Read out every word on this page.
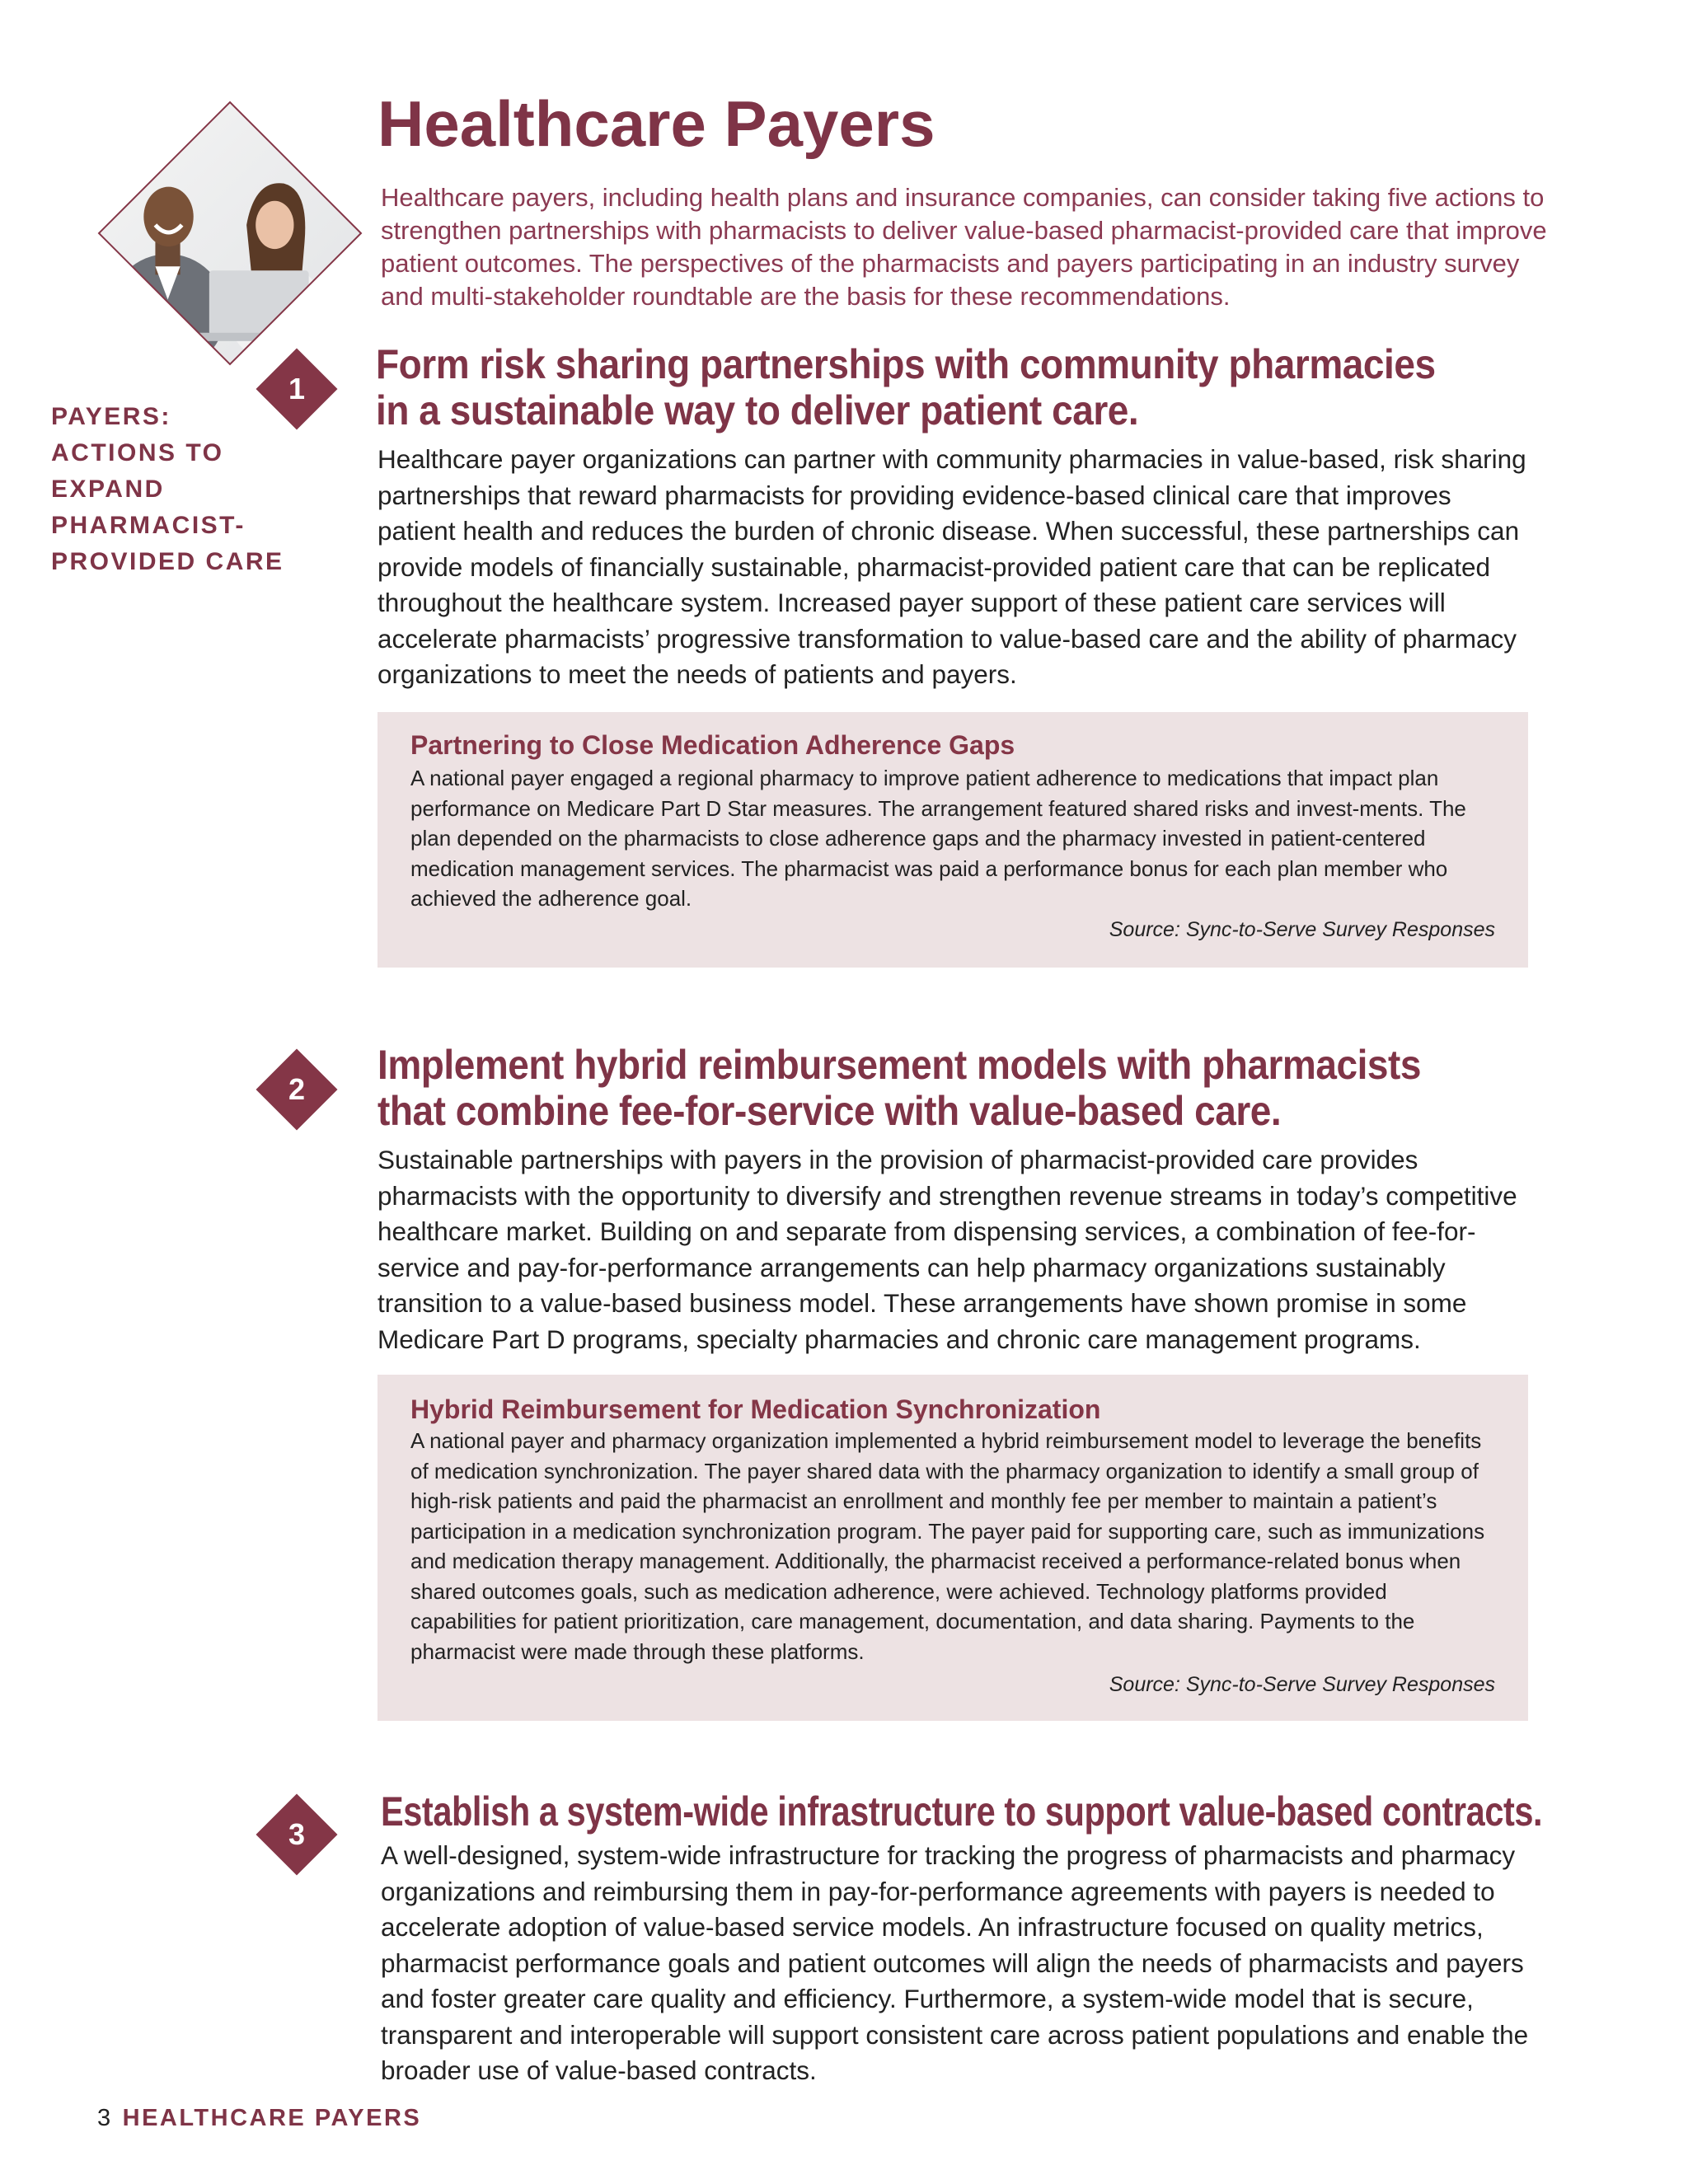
Healthcare Payers
Healthcare payers, including health plans and insurance companies, can consider taking five actions to strengthen partnerships with pharmacists to deliver value-based pharmacist-provided care that improve patient outcomes. The perspectives of the pharmacists and payers participating in an industry survey and multi-stakeholder roundtable are the basis for these recommendations.
PAYERS:
ACTIONS TO
EXPAND PHARMACIST-
PROVIDED CARE
1
Form risk sharing partnerships with community pharmacies
in a sustainable way to deliver patient care.
Healthcare payer organizations can partner with community pharmacies in value-based, risk sharing partnerships that reward pharmacists for providing evidence-based clinical care that improves patient health and reduces the burden of chronic disease. When successful, these partnerships can provide models of financially sustainable, pharmacist-provided patient care that can be replicated throughout the healthcare system. Increased payer support of these patient care services will accelerate pharmacists’ progressive transformation to value-based care and the ability of pharmacy organizations to meet the needs of patients and payers.
Partnering to Close Medication Adherence Gaps
A national payer engaged a regional pharmacy to improve patient adherence to medications that impact plan performance on Medicare Part D Star measures. The arrangement featured shared risks and invest-ments. The plan depended on the pharmacists to close adherence gaps and the pharmacy invested in patient-centered medication management services. The pharmacist was paid a performance bonus for each plan member who achieved the adherence goal.
Source: Sync-to-Serve Survey Responses
2
Implement hybrid reimbursement models with pharmacists
that combine fee-for-service with value-based care.
Sustainable partnerships with payers in the provision of pharmacist-provided care provides pharmacists with the opportunity to diversify and strengthen revenue streams in today’s competitive healthcare market. Building on and separate from dispensing services, a combination of fee-for-service and pay-for-performance arrangements can help pharmacy organizations sustainably transition to a value-based business model. These arrangements have shown promise in some Medicare Part D programs, specialty pharmacies and chronic care management programs.
Hybrid Reimbursement for Medication Synchronization
A national payer and pharmacy organization implemented a hybrid reimbursement model to leverage the benefits of medication synchronization. The payer shared data with the pharmacy organization to identify a small group of high-risk patients and paid the pharmacist an enrollment and monthly fee per member to maintain a patient’s participation in a medication synchronization program. The payer paid for supporting care, such as immunizations and medication therapy management. Additionally, the pharmacist received a performance-related bonus when shared outcomes goals, such as medication adherence, were achieved. Technology platforms provided capabilities for patient prioritization, care management, documentation, and data sharing. Payments to the pharmacist were made through these platforms.
Source: Sync-to-Serve Survey Responses
3	Establish a system-wide infrastructure to support value-based contracts.
A well-designed, system-wide infrastructure for tracking the progress of pharmacists and pharmacy organizations and reimbursing them in pay-for-performance agreements with payers is needed to accelerate adoption of value-based service models. An infrastructure focused on quality metrics, pharmacist performance goals and patient outcomes will align the needs of pharmacists and payers and foster greater care quality and efficiency. Furthermore, a system-wide model that is secure, transparent and interoperable will support consistent care across patient populations and enable the broader use of value-based contracts.
3 HEALTHCARE PAYERS
